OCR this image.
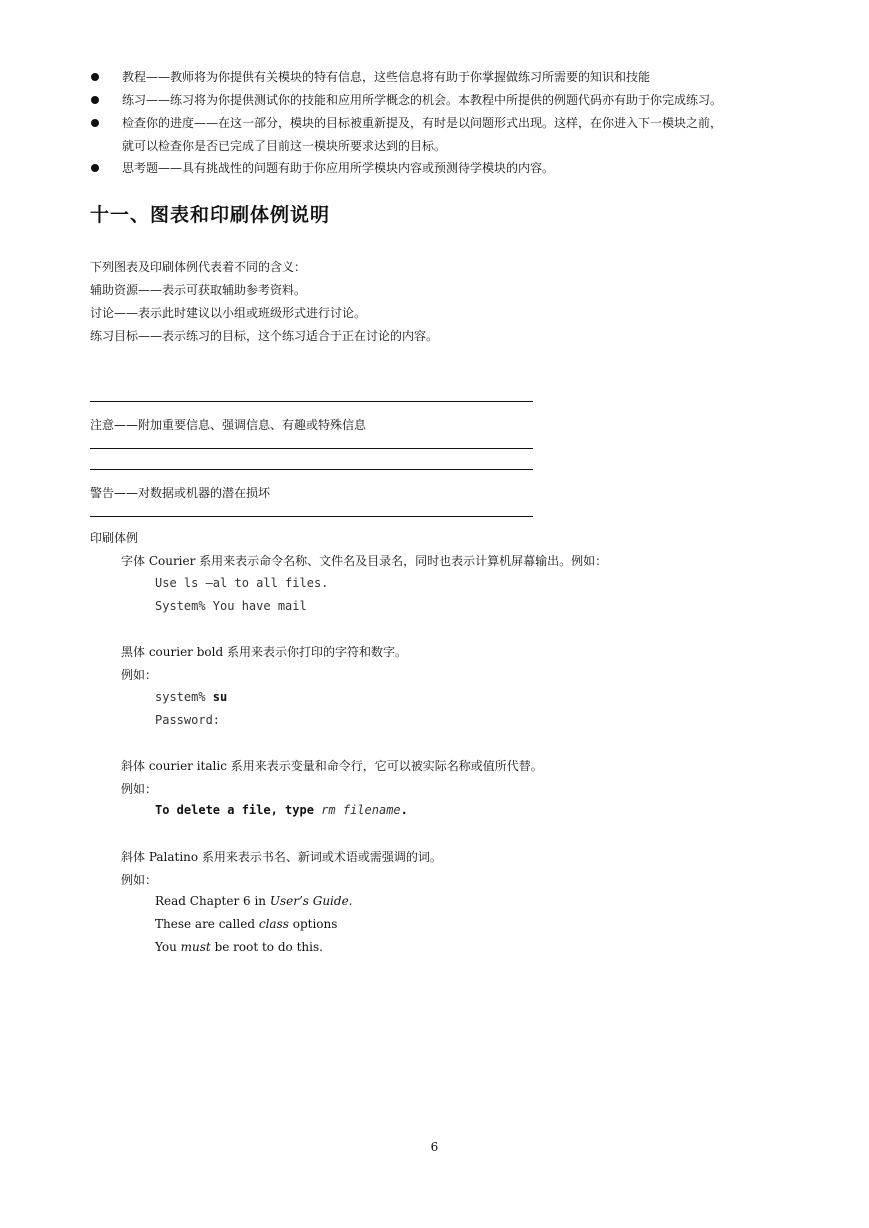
教程——教师将为你提供有关模块的特有信息，这些信息将有助于你掌握做练习所需要的知识和技能
练习——练习将为你提供测试你的技能和应用所学概念的机会。本教程中所提供的例题代码亦有助于你完成练习。
检查你的进度——在这一部分，模块的目标被重新提及，有时是以问题形式出现。这样，在你进入下一模块之前，
就可以检查你是否已完成了目前这一模块所要求达到的目标。
思考题——具有挑战性的问题有助于你应用所学模块内容或预测待学模块的内容。
十一、图表和印刷体例说明
下列图表及印刷体例代表着不同的含义：
辅助资源——表示可获取辅助参考资料。
讨论——表示此时建议以小组或班级形式进行讨论。
练习目标——表示练习的目标，这个练习适合于正在讨论的内容。
注意——附加重要信息、强调信息、有趣或特殊信息
警告——对数据或机器的潜在损坏
印刷体例
字体 Courier 系用来表示命令名称、文件名及目录名，同时也表示计算机屏幕输出。例如：
Use ls –al to all files.
System% You have mail
黑体 courier bold 系用来表示你打印的字符和数字。
例如：
system% su
Password:
斜体 courier italic 系用来表示变量和命令行，它可以被实际名称或值所代替。
例如：
To delete a file, type rm filename.
斜体 Palatino 系用来表示书名、新词或术语或需强调的词。
例如：
Read Chapter 6 in User’s Guide.
These are called class options
You must be root to do this.
6
